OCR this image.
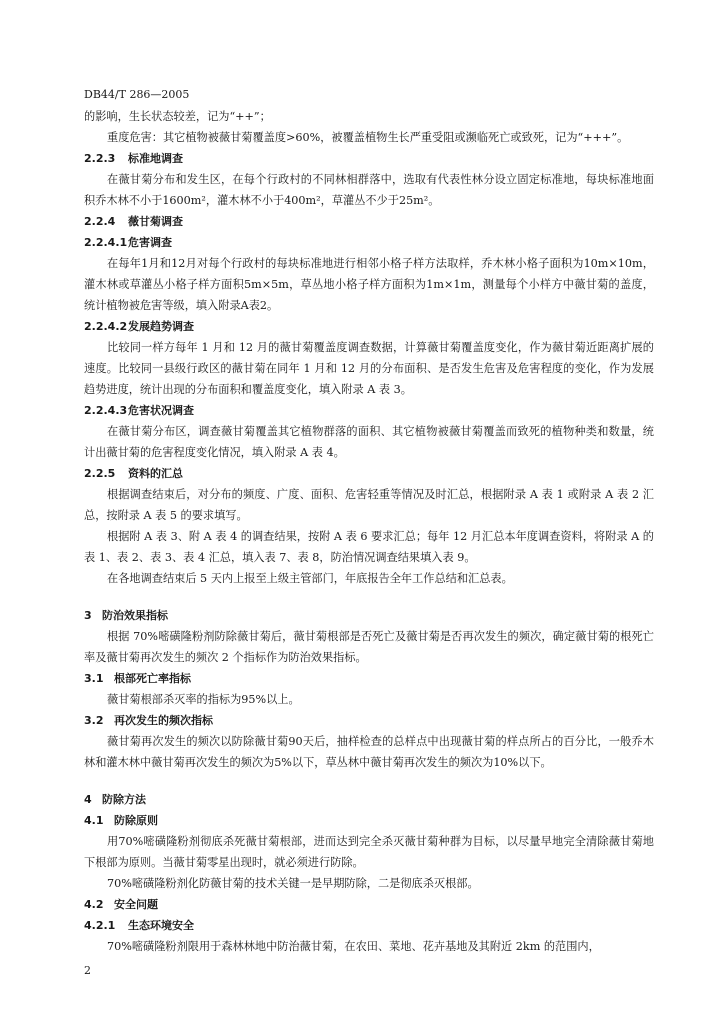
DB44/T 286—2005

的影响，生长状态较差，记为“++”；

重度危害：其它植物被薇甘菊覆盖度>60%，被覆盖植物生长严重受阻或濒临死亡或致死，记为“+++”。

2.2.3 标准地调查

在薇甘菊分布和发生区，在每个行政村的不同林相群落中，选取有代表性林分设立固定标准地，每块标准地面积乔木林不小于1600m²，灌木林不小于400m²，草灌丛不少于25m²。

2.2.4 薇甘菊调查
2.2.4.1危害调查

在每年1月和12月对每个行政村的每块标准地进行相邻小格子样方法取样，乔木林小格子面积为10m×10m，灌木林或草灌丛小格子样方面积5m×5m，草丛地小格子样方面积为1m×1m，测量每个小样方中薇甘菊的盖度，统计植物被危害等级，填入附录A表2。

2.2.4.2发展趋势调查

比较同一样方每年 1 月和 12 月的薇甘菊覆盖度调查数据，计算薇甘菊覆盖度变化，作为薇甘菊近距离扩展的速度。比较同一县级行政区的薇甘菊在同年 1 月和 12 月的分布面积、是否发生危害及危害程度的变化，作为发展趋势进度，统计出现的分布面积和覆盖度变化，填入附录 A 表 3。

2.2.4.3危害状况调查

在薇甘菊分布区，调查薇甘菊覆盖其它植物群落的面积、其它植物被薇甘菊覆盖而致死的植物种类和数量，统计出薇甘菊的危害程度变化情况，填入附录 A 表 4。

2.2.5 资料的汇总

根据调查结束后，对分布的频度、广度、面积、危害轻重等情况及时汇总，根据附录 A 表 1 或附录 A 表 2 汇总，按附录 A 表 5 的要求填写。

根据附 A 表 3、附 A 表 4 的调查结果，按附 A 表 6 要求汇总；每年 12 月汇总本年度调查资料，将附录 A 的表 1、表 2、表 3、表 4 汇总，填入表 7、表 8，防治情况调查结果填入表 9。

在各地调查结束后 5 天内上报至上级主管部门，年底报告全年工作总结和汇总表。

3 防治效果指标

根据 70%嘧磺隆粉剂防除薇甘菊后，薇甘菊根部是否死亡及薇甘菊是否再次发生的频次，确定薇甘菊的根死亡率及薇甘菊再次发生的频次 2 个指标作为防治效果指标。

3.1 根部死亡率指标

薇甘菊根部杀灭率的指标为95%以上。

3.2 再次发生的频次指标

薇甘菊再次发生的频次以防除薇甘菊90天后，抽样检查的总样点中出现薇甘菊的样点所占的百分比，一般乔木林和灌木林中薇甘菊再次发生的频次为5%以下，草丛林中薇甘菊再次发生的频次为10%以下。

4 防除方法
4.1 防除原则

用70%嘧磺隆粉剂彻底杀死薇甘菊根部，进而达到完全杀灭薇甘菊种群为目标，以尽量早地完全清除薇甘菊地下根部为原则。当薇甘菊零星出现时，就必须进行防除。

70%嘧磺隆粉剂化防薇甘菊的技术关键一是早期防除，二是彻底杀灭根部。

4.2 安全问题
4.2.1 生态环境安全

70%嘧磺隆粉剂限用于森林林地中防治薇甘菊，在农田、菜地、花卉基地及其附近 2km 的范围内，

2
